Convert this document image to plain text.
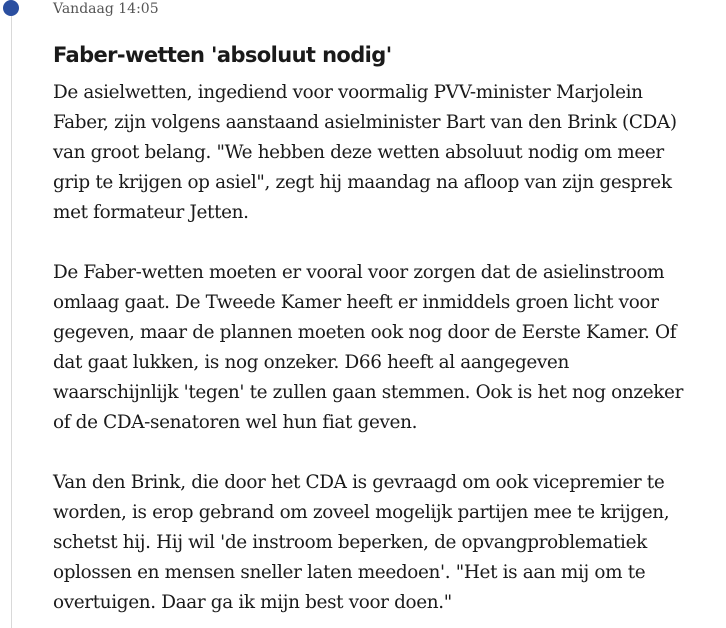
Vandaag 14:05

Faber-wetten 'absoluut nodig'

De asielwetten, ingediend voor voormalig PVV-minister Marjolein
Faber, zijn volgens aanstaand asielminister Bart van den Brink (CDA)
van groot belang. "We hebben deze wetten absoluut nodig om meer
grip te krijgen op asiel", zegt hij maandag na afloop van zijn gesprek
met formateur Jetten.

De Faber-wetten moeten er vooral voor zorgen dat de asielinstroom
omlaag gaat. De Tweede Kamer heeft er inmiddels groen licht voor
gegeven, maar de plannen moeten ook nog door de Eerste Kamer. Of
dat gaat lukken, is nog onzeker. D66 heeft al aangegeven
waarschijnlijk 'tegen' te zullen gaan stemmen. Ook is het nog onzeker
of de CDA-senatoren wel hun fiat geven.

Van den Brink, die door het CDA is gevraagd om ook vicepremier te
worden, is erop gebrand om zoveel mogelijk partijen mee te krijgen,
schetst hij. Hij wil 'de instroom beperken, de opvangproblematiek
oplossen en mensen sneller laten meedoen'. "Het is aan mij om te
overtuigen. Daar ga ik mijn best voor doen."
